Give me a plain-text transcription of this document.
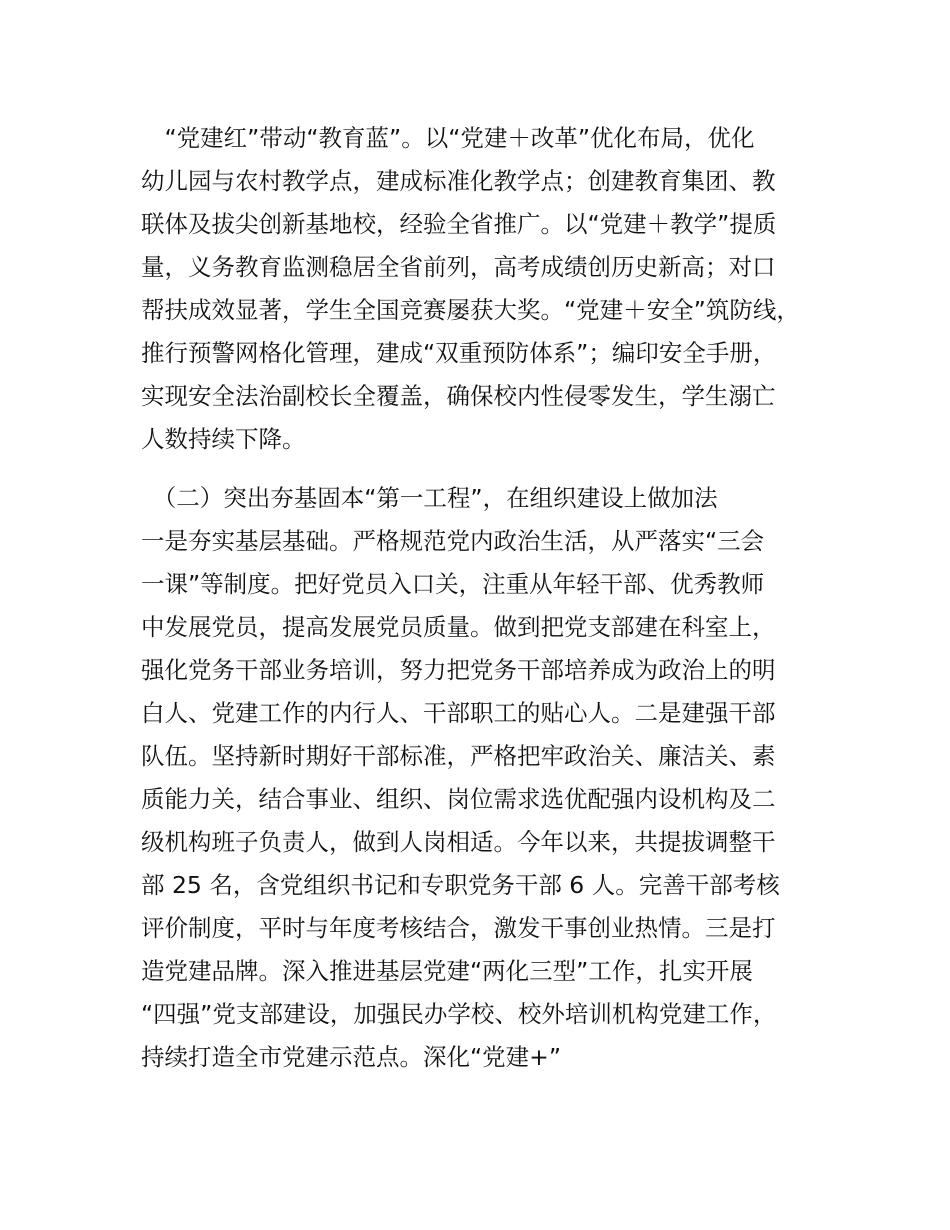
　“党建红”带动“教育蓝”。以“党建＋改革”优化布局，优化
幼儿园与农村教学点，建成标准化教学点；创建教育集团、教
联体及拔尖创新基地校，经验全省推广。以“党建＋教学”提质
量，义务教育监测稳居全省前列，高考成绩创历史新高；对口
帮扶成效显著，学生全国竞赛屡获大奖。“党建＋安全”筑防线，
推行预警网格化管理，建成“双重预防体系”；编印安全手册，
实现安全法治副校长全覆盖，确保校内性侵零发生，学生溺亡
人数持续下降。
　（二）突出夯基固本“第一工程”，在组织建设上做加法
一是夯实基层基础。严格规范党内政治生活，从严落实“三会
一课”等制度。把好党员入口关，注重从年轻干部、优秀教师
中发展党员，提高发展党员质量。做到把党支部建在科室上，
强化党务干部业务培训，努力把党务干部培养成为政治上的明
白人、党建工作的内行人、干部职工的贴心人。二是建强干部
队伍。坚持新时期好干部标准，严格把牢政治关、廉洁关、素
质能力关，结合事业、组织、岗位需求选优配强内设机构及二
级机构班子负责人，做到人岗相适。今年以来，共提拔调整干
部 25 名，含党组织书记和专职党务干部 6 人。完善干部考核
评价制度，平时与年度考核结合，激发干事创业热情。三是打
造党建品牌。深入推进基层党建“两化三型”工作，扎实开展
“四强”党支部建设，加强民办学校、校外培训机构党建工作，
持续打造全市党建示范点。深化“党建+”
